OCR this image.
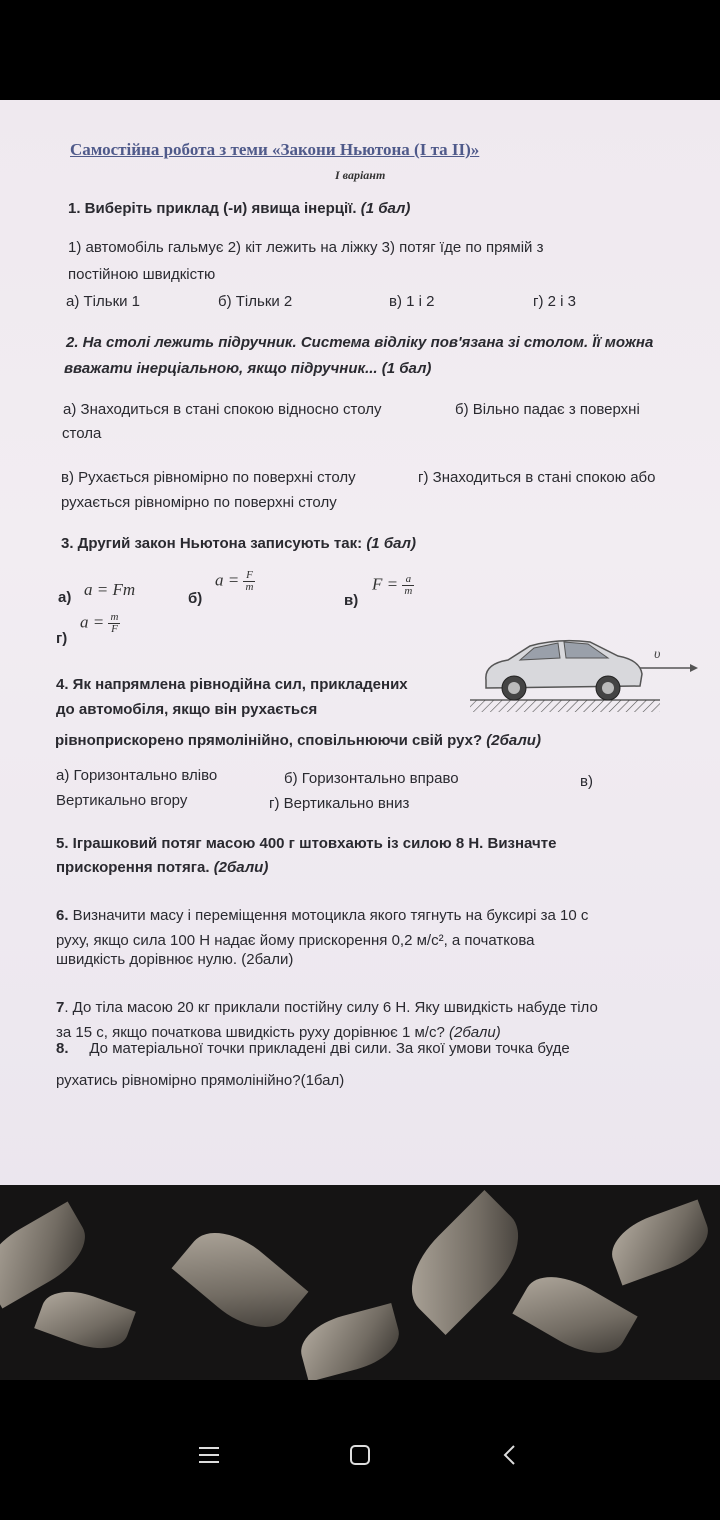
Самостійна робота з теми «Закони Ньютона (І та ІІ)»
І варіант
1. Виберіть приклад (-и) явища інерції. (1 бал)
1) автомобіль гальмує 2) кіт лежить на ліжку 3) потяг їде по прямій з
постійною швидкістю
а) Тільки 1	б) Тільки 2	в) 1 і 2	г) 2 і 3
2. На столі лежить підручник. Система відліку пов'язана зі столом. Її можна
вважати інерціальною, якщо підручник... (1 бал)
а) Знаходиться в стані спокою відносно столу	б) Вільно падає з поверхні
стола
в) Рухається рівномірно по поверхні столу	г) Знаходиться в стані спокою або
рухається рівномірно по поверхні столу
3. Другий закон Ньютона записують так: (1 бал)
а) a = Fm	б)
$a = \frac{F}{m}$
в)
$F = \frac{a}{m}$
г)
$a = \frac{m}{F}$
υ
4. Як напрямлена рівнодійна сил, прикладених
до автомобіля, якщо він рухається
рівноприскорено прямолінійно, сповільнюючи свій рух? (2бали)
а) Горизонтально вліво	б) Горизонтально вправо	в)
Вертикально вгору	г) Вертикально вниз
5. Іграшковий потяг масою 400 г штовхають із силою 8 Н. Визначте
прискорення потяга. (2бали)
6. Визначити масу і переміщення мотоцикла якого тягнуть на буксирі за 10 с
руху, якщо сила 100 Н надає йому прискорення 0,2 м/с², а початкова
швидкість дорівнює нулю. (2бали)
7. До тіла масою 20 кг приклали постійну силу 6 Н. Яку швидкість набуде тіло
за 15 с, якщо початкова швидкість руху дорівнює 1 м/с? (2бали)
8. До матеріальної точки прикладені дві сили. За якої умови точка буде
рухатись рівномірно прямолінійно?(1бал)
